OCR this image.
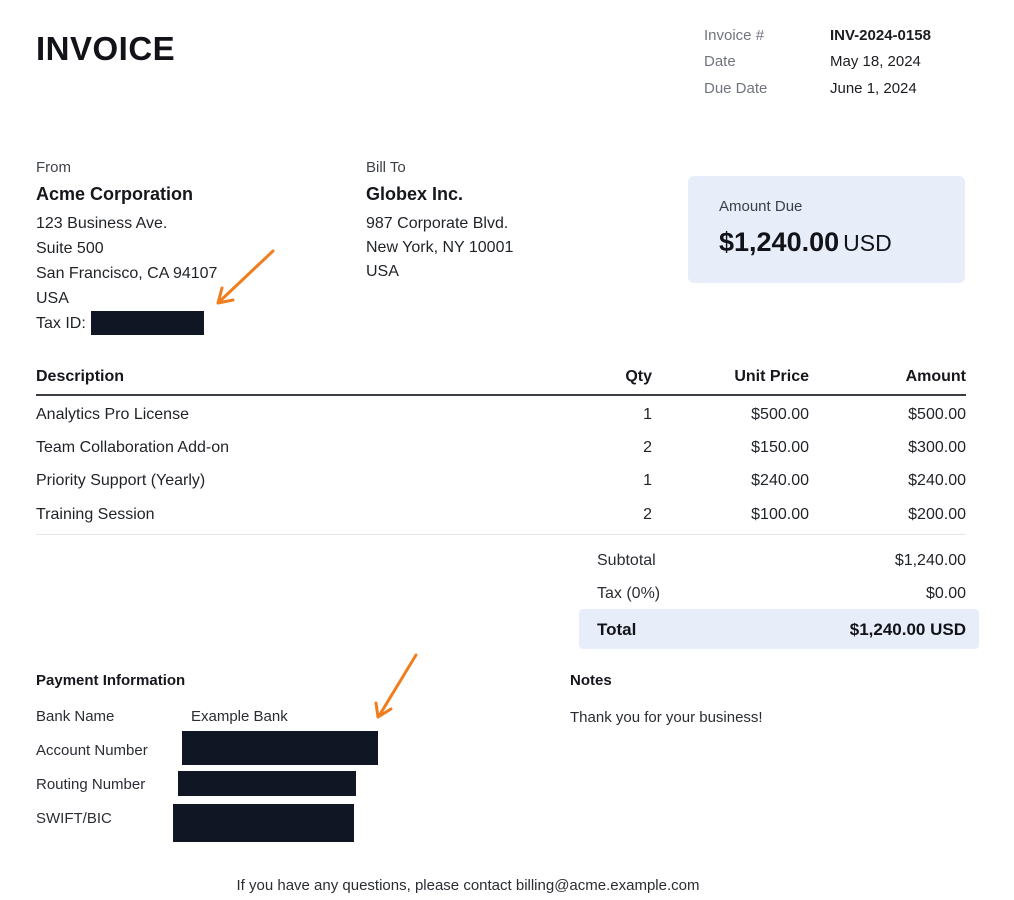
INVOICE	Invoice #	INV-2024-0158
Date	May 18, 2024
Due Date	June 1, 2024
From
Acme Corporation
123 Business Ave.
Suite 500
San Francisco, CA 94107
USA
Tax ID:
Bill To
Globex Inc.
987 Corporate Blvd.
New York, NY 10001
USA
Amount Due
$1,240.00 USD
Description	Qty	Unit Price	Amount
Analytics Pro License	1	$500.00	$500.00
Team Collaboration Add-on	2	$150.00	$300.00
Priority Support (Yearly)	1	$240.00	$240.00
Training Session	2	$100.00	$200.00
Subtotal	$1,240.00
Tax (0%)	$0.00
Total	$1,240.00 USD
Payment Information
Bank Name	Example Bank
Account Number
Routing Number
SWIFT/BIC
Notes
Thank you for your business!
If you have any questions, please contact billing@acme.example.com
